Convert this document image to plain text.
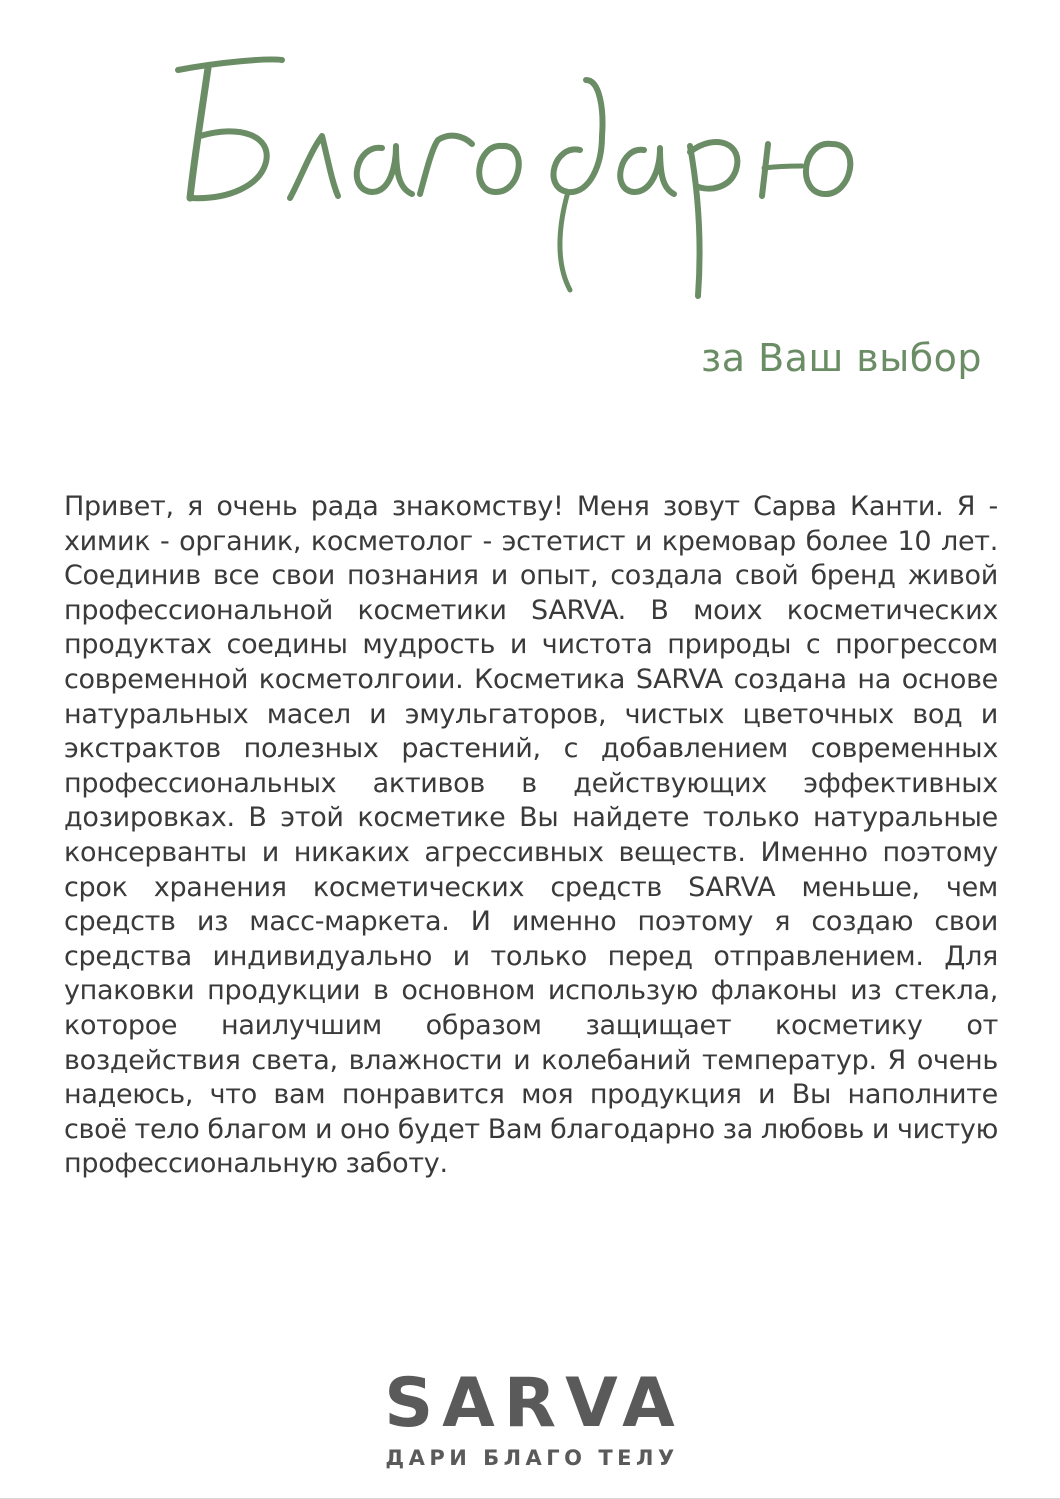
за Ваш выбор
Привет, я очень рада знакомству! Меня зовут Сарва Канти. Я - химик - органик, косметолог - эстетист и кремовар более 10 лет. Соединив все свои познания и опыт, создала свой бренд живой профессиональной косметики SARVA. В моих косметических продуктах соедины мудрость и чистота природы с прогрессом современной косметолгоии. Косметика SARVA создана на основе натуральных масел и эмульгаторов, чистых цветочных вод и экстрактов полезных растений, с добавлением современных профессиональных активов в действующих эффективных дозировках. В этой косметике Вы найдете только натуральные консерванты и никаких агрессивных веществ. Именно поэтому срок хранения косметических средств SARVA меньше, чем средств из масс-маркета. И именно поэтому я создаю свои средства индивидуально и только перед отправлением. Для упаковки продукции в основном использую флаконы из стекла, которое наилучшим образом защищает косметику от воздействия света, влажности и колебаний температур. Я очень надеюсь, что вам понравится моя продукция и Вы наполните своё тело благом и оно будет Вам благодарно за любовь и чистую профессиональную заботу.
SARVA
ДАРИ БЛАГО ТЕЛУ
